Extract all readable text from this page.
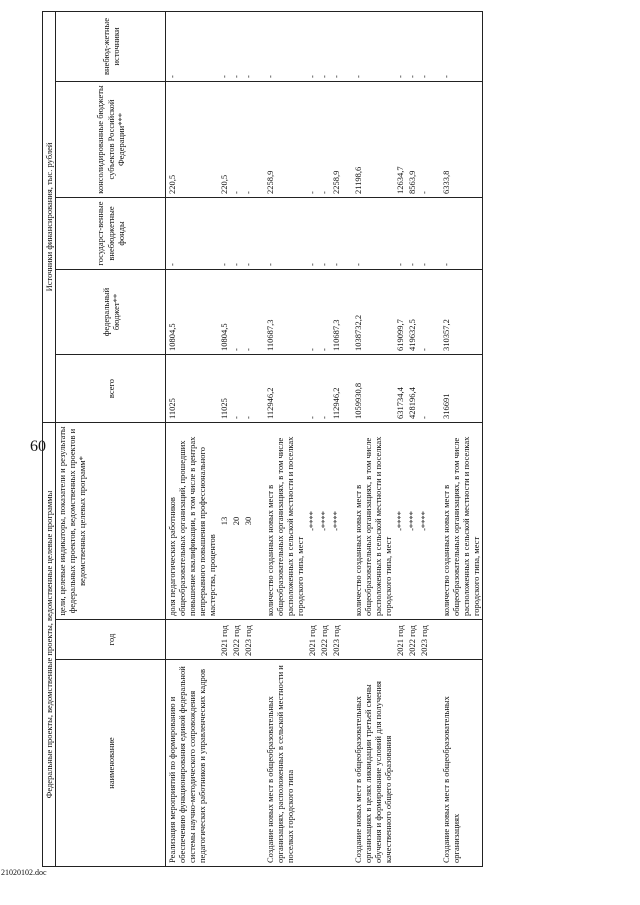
60
21020102.doc
Федеральные проекты, ведомственные проекты, ведомственные целевые программы			Источники финансирования, тыс. рублей				
наименование	год	цели, целевые индикаторы, показатели и результаты федеральных проектов, ведомственных проектов и ведомственных целевых программ*	всего	федеральный бюджет**	государст-венные внебюджетные фонды	консолидированные бюджеты субъектов Российской Федерации***	внебюд-жетные источники
Реализация мероприятий по формированию и обеспечению функционирования единой федеральной системы научно-методического сопровождения педагогических работников и управленческих кадров		доля педагогических работников общеобразовательных организаций, прошедших повышение квалификации, в том числе в центрах непрерывного повышения профессионального мастерства, процентов	11025	10804,5	-	220,5	-
	2021 год	13	11025	10804,5	-	220,5	-
	2022 год	20	-	-	-	-	-
	2023 год	30	-	-	-	-	-

Создание новых мест в общеобразовательных организациях, расположенных в сельской местности и поселках городского типа		количество созданных новых мест в общеобразовательных организациях, в том числе расположенных в сельской местности и поселках городского типа, мест	112946,2	110687,3	-	2258,9	-
	2021 год	-****	-	-	-	-	-
	2022 год	-****	-	-	-	-	-
	2023 год	-****	112946,2	110687,3	-	2258,9	-

Создание новых мест в общеобразовательных организациях в целях ликвидации третьей смены обучения и формирование условий для получения качественного общего образования		количество созданных новых мест в общеобразовательных организациях, в том числе расположенных в сельской местности и поселках городского типа, мест	1059930,8	1038732,2	-	21198,6	-
	2021 год	-****	631734,4	619099,7	-	12634,7	-
	2022 год	-****	428196,4	419632,5	-	8563,9	-
	2023 год	-****	-	-	-	-	-

Создание новых мест в общеобразовательных организациях		количество созданных новых мест в общеобразовательных организациях, в том числе расположенных в сельской местности и поселках городского типа, мест	316691	310357,2	-	6333,8	-
